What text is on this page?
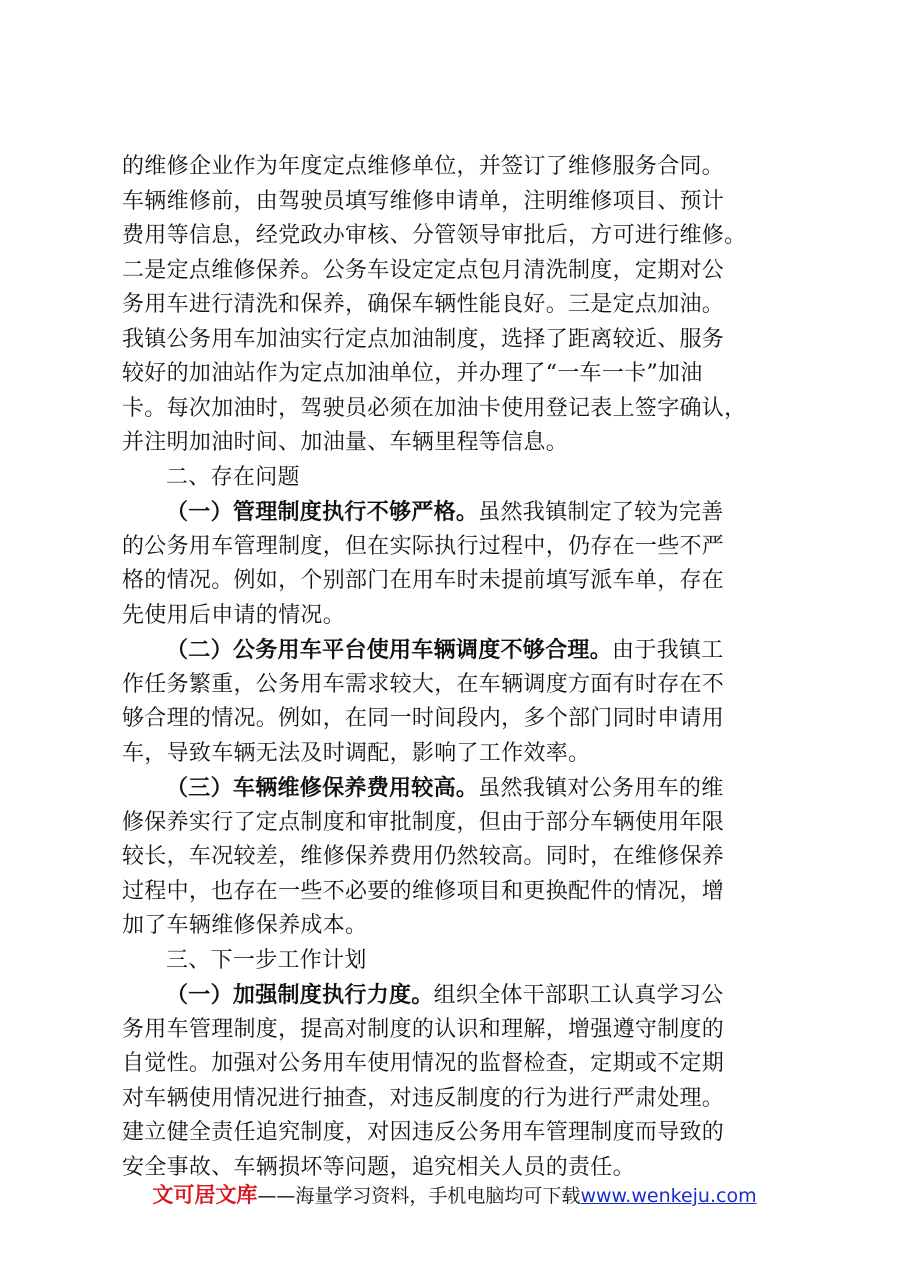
的维修企业作为年度定点维修单位，并签订了维修服务合同。
车辆维修前，由驾驶员填写维修申请单，注明维修项目、预计
费用等信息，经党政办审核、分管领导审批后，方可进行维修。
二是定点维修保养。公务车设定定点包月清洗制度，定期对公
务用车进行清洗和保养，确保车辆性能良好。三是定点加油。
我镇公务用车加油实行定点加油制度，选择了距离较近、服务
较好的加油站作为定点加油单位，并办理了“一车一卡”加油
卡。每次加油时，驾驶员必须在加油卡使用登记表上签字确认，
并注明加油时间、加油量、车辆里程等信息。
二、存在问题
（一）管理制度执行不够严格。虽然我镇制定了较为完善
的公务用车管理制度，但在实际执行过程中，仍存在一些不严
格的情况。例如，个别部门在用车时未提前填写派车单，存在
先使用后申请的情况。
（二）公务用车平台使用车辆调度不够合理。由于我镇工
作任务繁重，公务用车需求较大，在车辆调度方面有时存在不
够合理的情况。例如，在同一时间段内，多个部门同时申请用
车，导致车辆无法及时调配，影响了工作效率。
（三）车辆维修保养费用较高。虽然我镇对公务用车的维
修保养实行了定点制度和审批制度，但由于部分车辆使用年限
较长，车况较差，维修保养费用仍然较高。同时，在维修保养
过程中，也存在一些不必要的维修项目和更换配件的情况，增
加了车辆维修保养成本。
三、下一步工作计划
（一）加强制度执行力度。组织全体干部职工认真学习公
务用车管理制度，提高对制度的认识和理解，增强遵守制度的
自觉性。加强对公务用车使用情况的监督检查，定期或不定期
对车辆使用情况进行抽查，对违反制度的行为进行严肃处理。
建立健全责任追究制度，对因违反公务用车管理制度而导致的
安全事故、车辆损坏等问题，追究相关人员的责任。
文可居文库——海量学习资料，手机电脑均可下载www.wenkeju.com
